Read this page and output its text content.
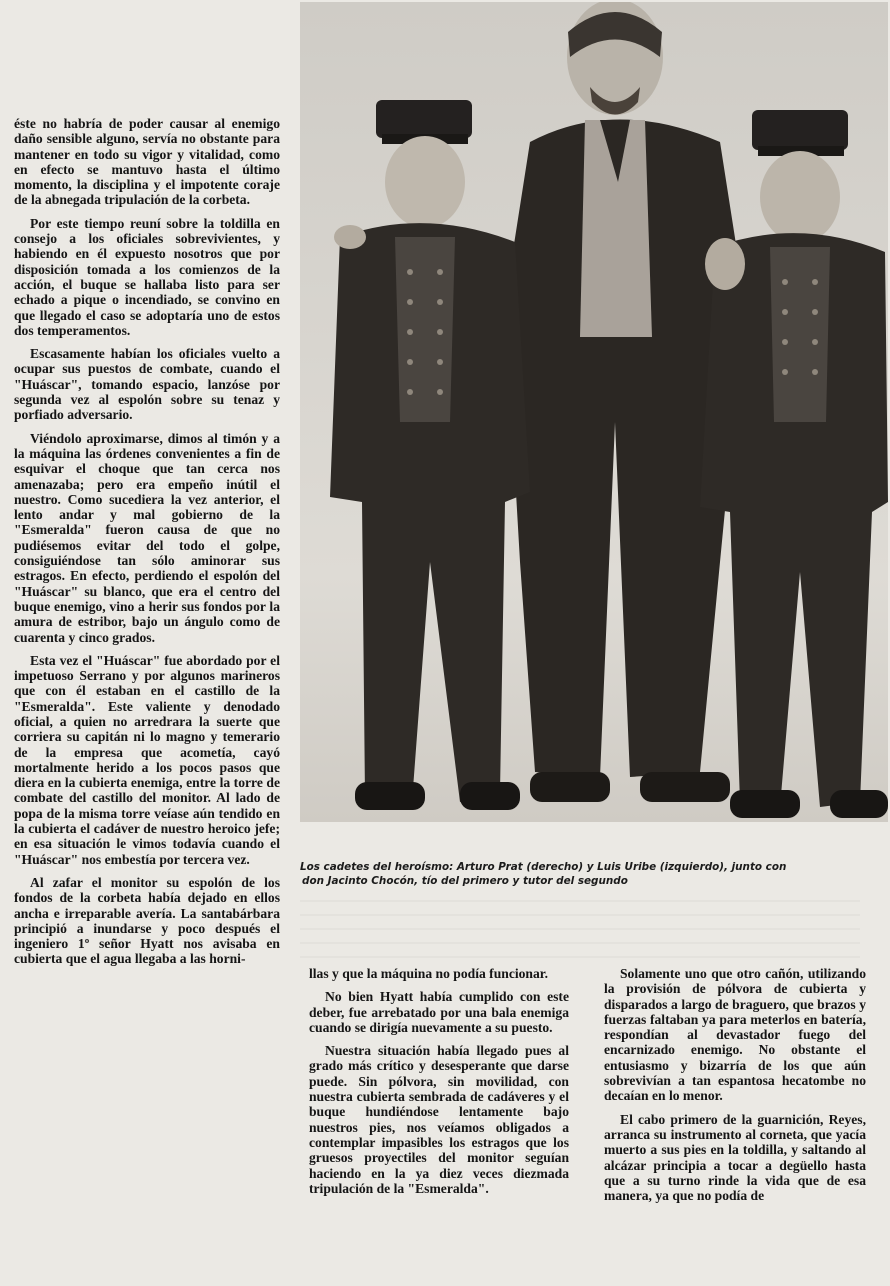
éste no habría de poder causar al enemigo daño sensible alguno, servía no obstante para mantener en todo su vigor y vitalidad, como en efecto se mantuvo hasta el último momento, la disciplina y el impotente coraje de la abnegada tripulación de la corbeta.

Por este tiempo reuní sobre la toldilla en consejo a los oficiales sobrevivientes, y habiendo en él expuesto nosotros que por disposición tomada a los comienzos de la acción, el buque se hallaba listo para ser echado a pique o incendiado, se convino en que llegado el caso se adoptaría uno de estos dos temperamentos.

Escasamente habían los oficiales vuelto a ocupar sus puestos de combate, cuando el "Huáscar", tomando espacio, lanzóse por segunda vez al espolón sobre su tenaz y porfiado adversario.

Viéndolo aproximarse, dimos al timón y a la máquina las órdenes convenientes a fin de esquivar el choque que tan cerca nos amenazaba; pero era empeño inútil el nuestro. Como sucediera la vez anterior, el lento andar y mal gobierno de la "Esmeralda" fueron causa de que no pudiésemos evitar del todo el golpe, consiguiéndose tan sólo aminorar sus estragos. En efecto, perdiendo el espolón del "Huáscar" su blanco, que era el centro del buque enemigo, vino a herir sus fondos por la amura de estribor, bajo un ángulo como de cuarenta y cinco grados.

Esta vez el "Huáscar" fue abordado por el impetuoso Serrano y por algunos marineros que con él estaban en el castillo de la "Esmeralda". Este valiente y denodado oficial, a quien no arredrara la suerte que corriera su capitán ni lo magno y temerario de la empresa que acometía, cayó mortalmente herido a los pocos pasos que diera en la cubierta enemiga, entre la torre de combate del castillo del monitor. Al lado de popa de la misma torre veíase aún tendido en la cubierta el cadáver de nuestro heroico jefe; en esa situación le vimos todavía cuando el "Huáscar" nos embestía por tercera vez.

Al zafar el monitor su espolón de los fondos de la corbeta había dejado en ellos ancha e irreparable avería. La santabárbara principió a inundarse y poco después el ingeniero 1º señor Hyatt nos avisaba en cubierta que el agua llegaba a las horni-

Los cadetes del heroísmo: Arturo Prat (derecho) y Luis Uribe (izquierdo), junto con
don Jacinto Chocón, tío del primero y tutor del segundo

llas y que la máquina no podía funcionar.

No bien Hyatt había cumplido con este deber, fue arrebatado por una bala enemiga cuando se dirigía nuevamente a su puesto.

Nuestra situación había llegado pues al grado más crítico y desesperante que darse puede. Sin pólvora, sin movilidad, con nuestra cubierta sembrada de cadáveres y el buque hundiéndose lentamente bajo nuestros pies, nos veíamos obligados a contemplar impasibles los estragos que los gruesos proyectiles del monitor seguían haciendo en la ya diez veces diezmada tripulación de la "Esmeralda".

Solamente uno que otro cañón, utilizando la provisión de pólvora de cubierta y disparados a largo de braguero, que brazos y fuerzas faltaban ya para meterlos en batería, respondían al devastador fuego del encarnizado enemigo. No obstante el entusiasmo y bizarría de los que aún sobrevivían a tan espantosa hecatombe no decaían en lo menor.

El cabo primero de la guarnición, Reyes, arranca su instrumento al corneta, que yacía muerto a sus pies en la toldilla, y saltando al alcázar principia a tocar a degüello hasta que a su turno rinde la vida que de esa manera, ya que no podía de
